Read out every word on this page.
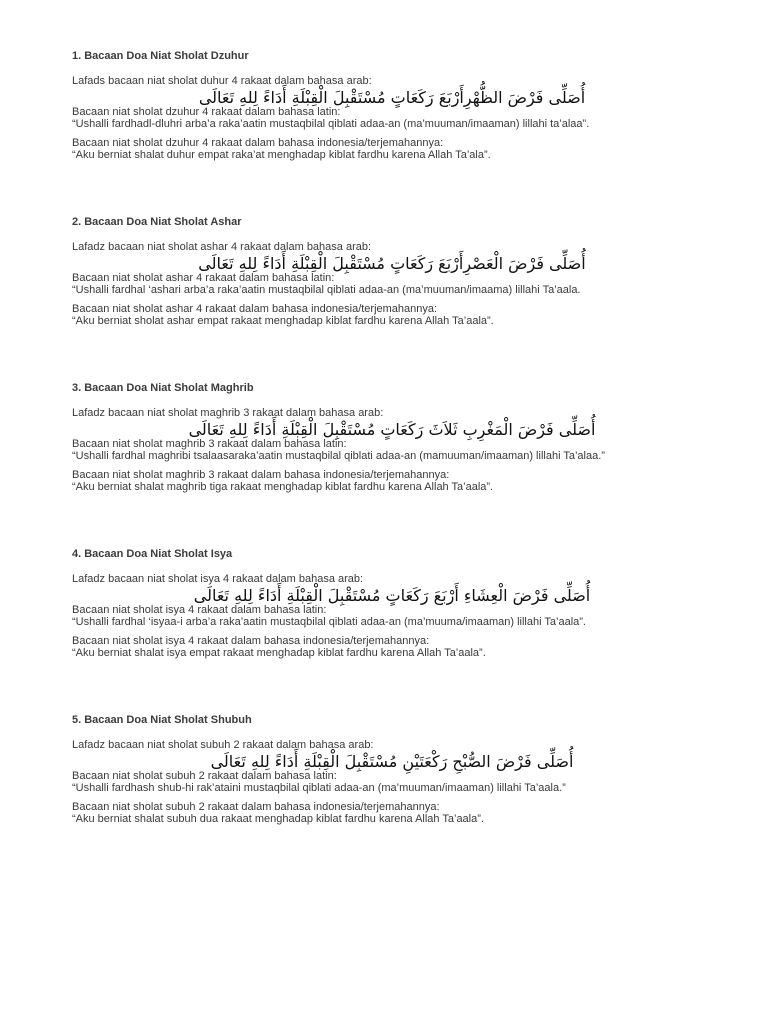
1. Bacaan Doa Niat Sholat Dzuhur

Lafads bacaan niat sholat duhur 4 rakaat dalam bahasa arab:

أُصَلِّى فَرْضَ الظُّهْرِأَرْبَعَ رَكَعَاتٍ مُسْتَقْبِلَ الْقِبْلَةِ أَدَاءً لِلهِ تَعَالَى

Bacaan niat sholat dzuhur 4 rakaat dalam bahasa latin:

“Ushalli fardhadl-dluhri arba’a raka’aatin mustaqbilal qiblati adaa-an (ma’muuman/imaaman) lillahi ta’alaa”.

Bacaan niat sholat dzuhur 4 rakaat dalam bahasa indonesia/terjemahannya:

“Aku berniat shalat duhur empat raka’at menghadap kiblat fardhu karena Allah Ta’ala”.

2. Bacaan Doa Niat Sholat Ashar

Lafadz bacaan niat sholat ashar 4 rakaat dalam bahasa arab:

أُصَلِّى فَرْضَ الْعَصْرِأَرْبَعَ رَكَعَاتٍ مُسْتَقْبِلَ الْقِبْلَةِ أَدَاءً لِلهِ تَعَالَى

Bacaan niat sholat ashar 4 rakaat dalam bahasa latin:

“Ushalli fardhal ‘ashari arba’a raka’aatin mustaqbilal qiblati adaa-an (ma’muuman/imaama) lillahi Ta’aala.

Bacaan niat sholat ashar 4 rakaat dalam bahasa indonesia/terjemahannya:

“Aku berniat sholat ashar empat rakaat menghadap kiblat fardhu karena Allah Ta’aala”.

3. Bacaan Doa Niat Sholat Maghrib

Lafadz bacaan niat sholat maghrib 3 rakaat dalam bahasa arab:

أُصَلِّى فَرْضَ الْمَغْرِبِ ثَلاَثَ رَكَعَاتٍ مُسْتَقْبِلَ الْقِبْلَةِ أَدَاءً لِلهِ تَعَالَى

Bacaan niat sholat maghrib 3 rakaat dalam bahasa latin:

“Ushalli fardhal maghribi tsalaasaraka’aatin mustaqbilal qiblati adaa-an (mamuuman/imaaman) lillahi Ta’alaa.”

Bacaan niat sholat maghrib 3 rakaat dalam bahasa indonesia/terjemahannya:

“Aku berniat shalat maghrib tiga rakaat menghadap kiblat fardhu karena Allah Ta’aala”.

4. Bacaan Doa Niat Sholat Isya

Lafadz bacaan niat sholat isya 4 rakaat dalam bahasa arab:

أُصَلِّى فَرْضَ الْعِشَاءِ أَرْبَعَ رَكَعَاتٍ مُسْتَقْبِلَ الْقِبْلَةِ أَدَاءً لِلهِ تَعَالَى

Bacaan niat sholat isya 4 rakaat dalam bahasa latin:

“Ushalli fardhal ‘isyaa-i arba’a raka’aatin mustaqbilal qiblati adaa-an (ma’muuma/imaaman) lillahi Ta’aala”.

Bacaan niat sholat isya 4 rakaat dalam bahasa indonesia/terjemahannya:

“Aku berniat shalat isya empat rakaat menghadap kiblat fardhu karena Allah Ta’aala”.

5. Bacaan Doa Niat Sholat Shubuh

Lafadz bacaan niat sholat subuh 2 rakaat dalam bahasa arab:

أُصَلِّى فَرْضَ الصُّبْحِ رَكْعَتَيْنِ مُسْتَقْبِلَ الْقِبْلَةِ أَدَاءً لِلهِ تَعَالَى

Bacaan niat sholat subuh 2 rakaat dalam bahasa latin:

“Ushalli fardhash shub-hi rak’ataini mustaqbilal qiblati adaa-an (ma’muuman/imaaman) lillahi Ta’aala.”

Bacaan niat sholat subuh 2 rakaat dalam bahasa indonesia/terjemahannya:

“Aku berniat shalat subuh dua rakaat menghadap kiblat fardhu karena Allah Ta’aala”.
